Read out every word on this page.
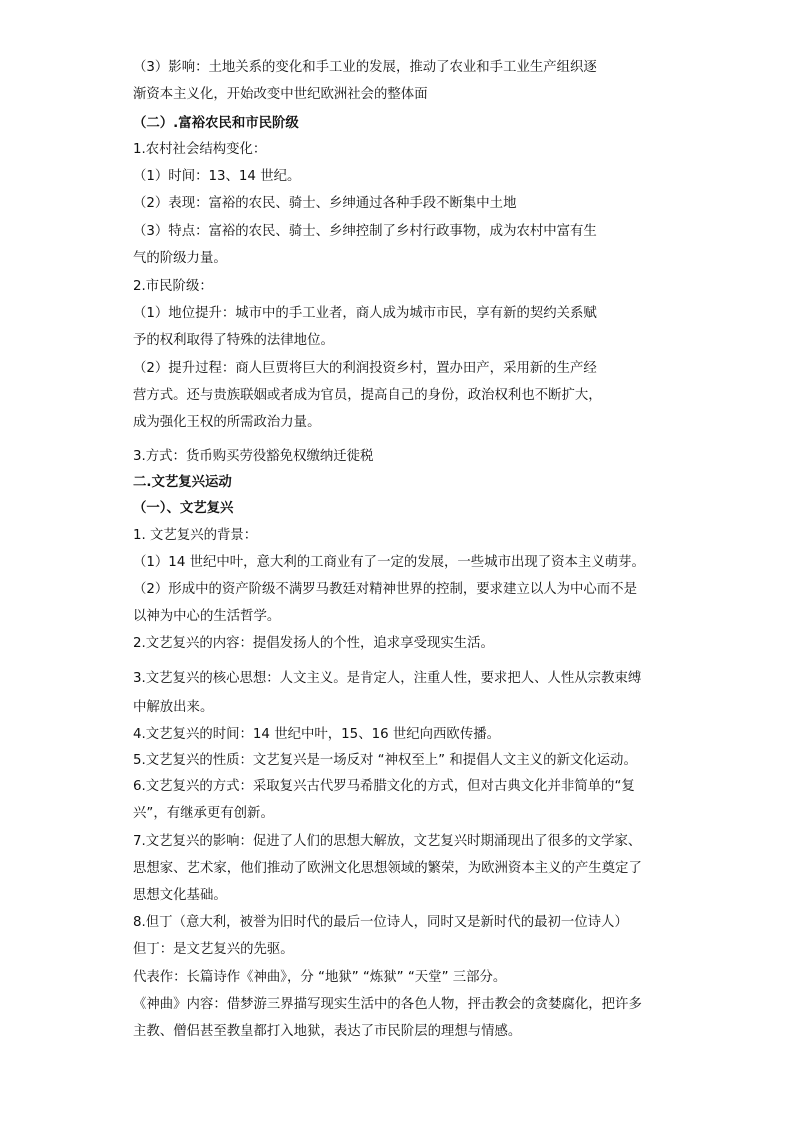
（3）影响：土地关系的变化和手工业的发展，推动了农业和手工业生产组织逐
渐资本主义化，开始改变中世纪欧洲社会的整体面
（二）.富裕农民和市民阶级
1.农村社会结构变化：
（1）时间：13、14 世纪。
（2）表现：富裕的农民、骑士、乡绅通过各种手段不断集中土地
（3）特点：富裕的农民、骑士、乡绅控制了乡村行政事物，成为农村中富有生
气的阶级力量。
2.市民阶级：
（1）地位提升：城市中的手工业者，商人成为城市市民，享有新的契约关系赋
予的权利取得了特殊的法律地位。
（2）提升过程：商人巨贾将巨大的利润投资乡村，置办田产，采用新的生产经
营方式。还与贵族联姻或者成为官员，提高自己的身份，政治权利也不断扩大，
成为强化王权的所需政治力量。
3.方式：货币购买劳役豁免权缴纳迁徙税
二.文艺复兴运动
（一）、文艺复兴
1. 文艺复兴的背景：
（1）14 世纪中叶，意大利的工商业有了一定的发展，一些城市出现了资本主义萌芽。
（2）形成中的资产阶级不满罗马教廷对精神世界的控制，要求建立以人为中心而不是
以神为中心的生活哲学。
2.文艺复兴的内容：提倡发扬人的个性，追求享受现实生活。
3.文艺复兴的核心思想：人文主义。是肯定人，注重人性，要求把人、人性从宗教束缚
中解放出来。
4.文艺复兴的时间：14 世纪中叶，15、16 世纪向西欧传播。
5.文艺复兴的性质：文艺复兴是一场反对 “神权至上” 和提倡人文主义的新文化运动。
6.文艺复兴的方式：采取复兴古代罗马希腊文化的方式，但对古典文化并非简单的“复
兴”，有继承更有创新。
7.文艺复兴的影响：促进了人们的思想大解放，文艺复兴时期涌现出了很多的文学家、
思想家、艺术家，他们推动了欧洲文化思想领域的繁荣，为欧洲资本主义的产生奠定了
思想文化基础。
8.但丁（意大利，被誉为旧时代的最后一位诗人，同时又是新时代的最初一位诗人）
但丁：是文艺复兴的先驱。
代表作：长篇诗作《神曲》，分 “地狱” “炼狱” “天堂” 三部分。
《神曲》内容：借梦游三界描写现实生活中的各色人物，抨击教会的贪婪腐化，把许多
主教、僧侣甚至教皇都打入地狱，表达了市民阶层的理想与情感。
